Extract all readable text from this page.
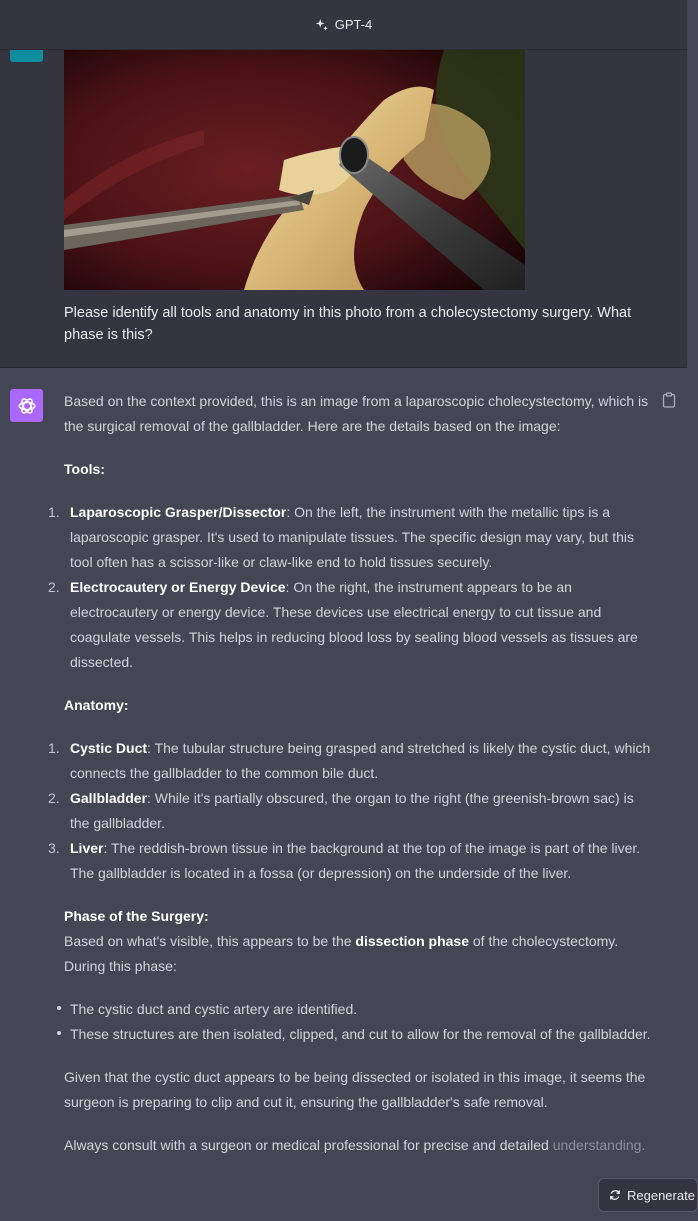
GPT-4
Please identify all tools and anatomy in this photo from a cholecystectomy surgery. What phase is this?

Based on the context provided, this is an image from a laparoscopic cholecystectomy, which is the surgical removal of the gallbladder. Here are the details based on the image:

Tools:

1. Laparoscopic Grasper/Dissector: On the left, the instrument with the metallic tips is a laparoscopic grasper. It's used to manipulate tissues. The specific design may vary, but this tool often has a scissor-like or claw-like end to hold tissues securely.
2. Electrocautery or Energy Device: On the right, the instrument appears to be an electrocautery or energy device. These devices use electrical energy to cut tissue and coagulate vessels. This helps in reducing blood loss by sealing blood vessels as tissues are dissected.

Anatomy:

1. Cystic Duct: The tubular structure being grasped and stretched is likely the cystic duct, which connects the gallbladder to the common bile duct.
2. Gallbladder: While it's partially obscured, the organ to the right (the greenish-brown sac) is the gallbladder.
3. Liver: The reddish-brown tissue in the background at the top of the image is part of the liver. The gallbladder is located in a fossa (or depression) on the underside of the liver.

Phase of the Surgery:
Based on what's visible, this appears to be the dissection phase of the cholecystectomy. During this phase:

The cystic duct and cystic artery are identified.
These structures are then isolated, clipped, and cut to allow for the removal of the gallbladder.

Given that the cystic duct appears to be being dissected or isolated in this image, it seems the surgeon is preparing to clip and cut it, ensuring the gallbladder's safe removal.

Always consult with a surgeon or medical professional for precise and detailed understanding.

Regenerate
